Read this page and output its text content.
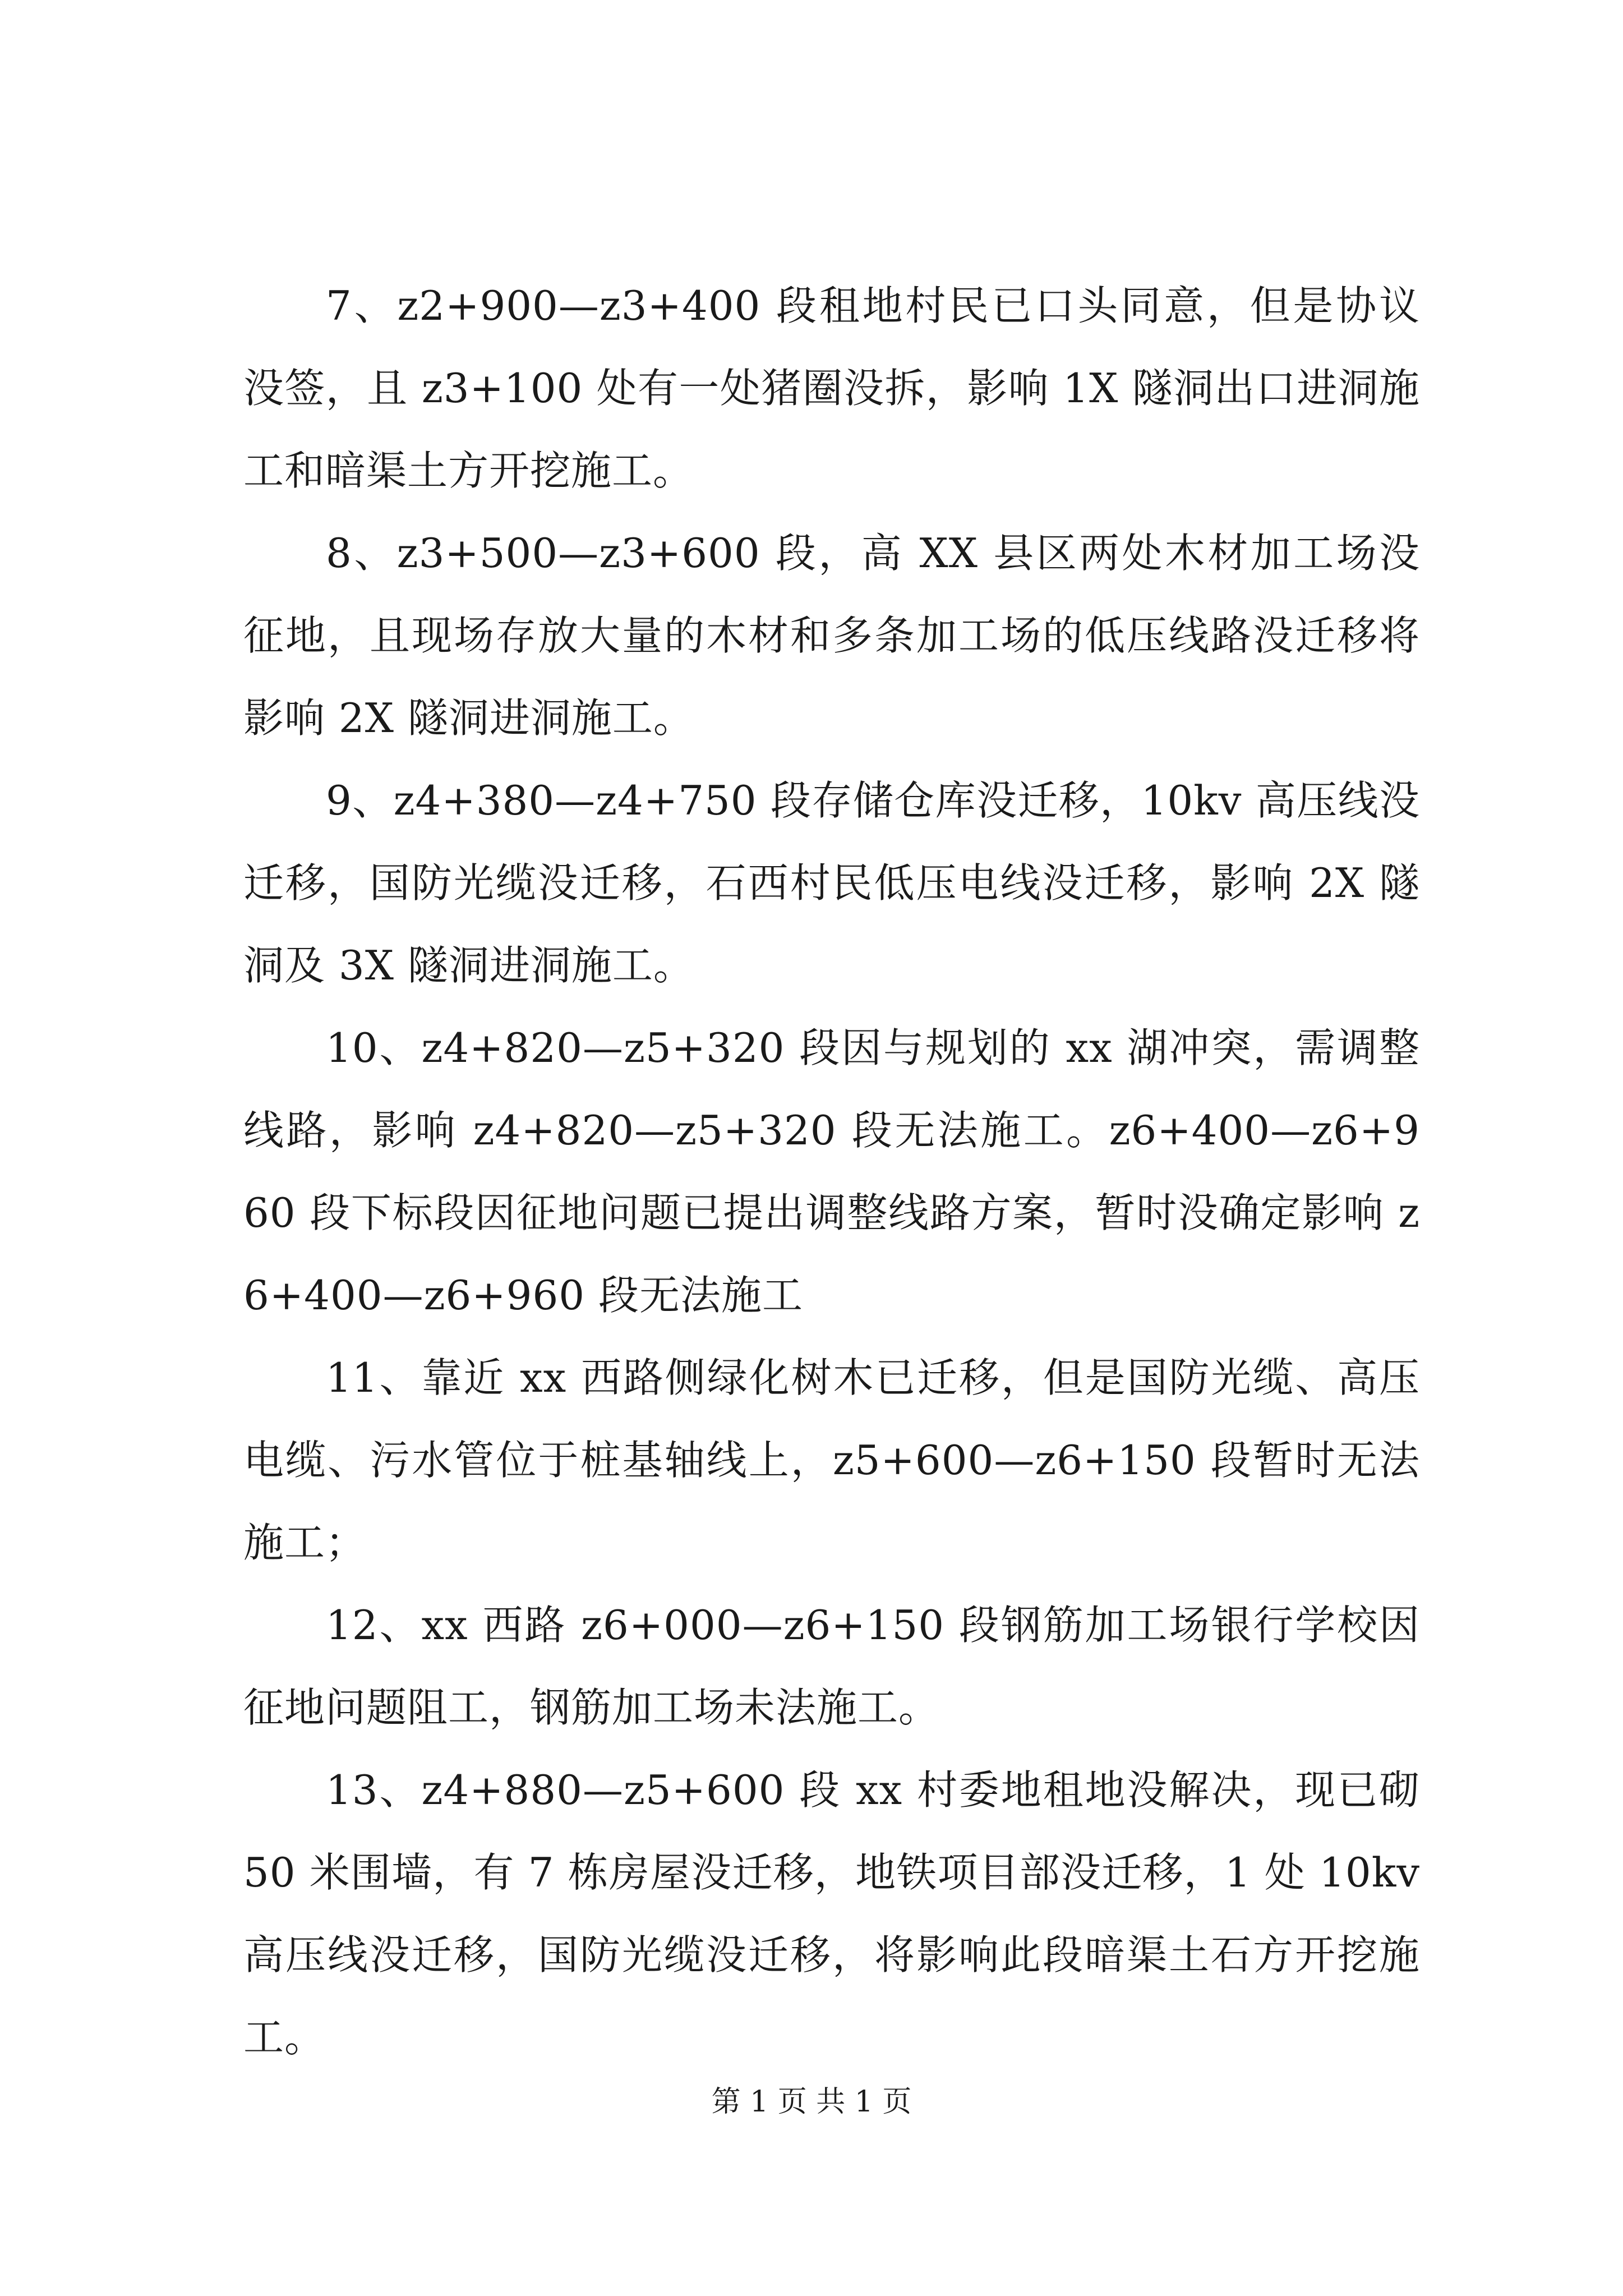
7、z2+900—z3+400 段租地村民已口头同意，但是协议没签，且 z3+100 处有一处猪圈没拆，影响 1X 隧洞出口进洞施工和暗渠土方开挖施工。

8、z3+500—z3+600 段，高 XX 县区两处木材加工场没征地，且现场存放大量的木材和多条加工场的低压线路没迁移将影响 2X 隧洞进洞施工。

9、z4+380—z4+750 段存储仓库没迁移，10kv 高压线没迁移，国防光缆没迁移，石西村民低压电线没迁移，影响 2X 隧洞及 3X 隧洞进洞施工。

10、z4+820—z5+320 段因与规划的 xx 湖冲突，需调整线路，影响 z4+820—z5+320 段无法施工。z6+400—z6+960 段下标段因征地问题已提出调整线路方案，暂时没确定影响 z6+400—z6+960 段无法施工

11、靠近 xx 西路侧绿化树木已迁移，但是国防光缆、高压电缆、污水管位于桩基轴线上，z5+600—z6+150 段暂时无法施工；

12、xx 西路 z6+000—z6+150 段钢筋加工场银行学校因征地问题阻工，钢筋加工场未法施工。

13、z4+880—z5+600 段 xx 村委地租地没解决，现已砌 50 米围墙，有 7 栋房屋没迁移，地铁项目部没迁移，1 处 10kv 高压线没迁移，国防光缆没迁移，将影响此段暗渠土石方开挖施工。

第 1 页 共 1 页
